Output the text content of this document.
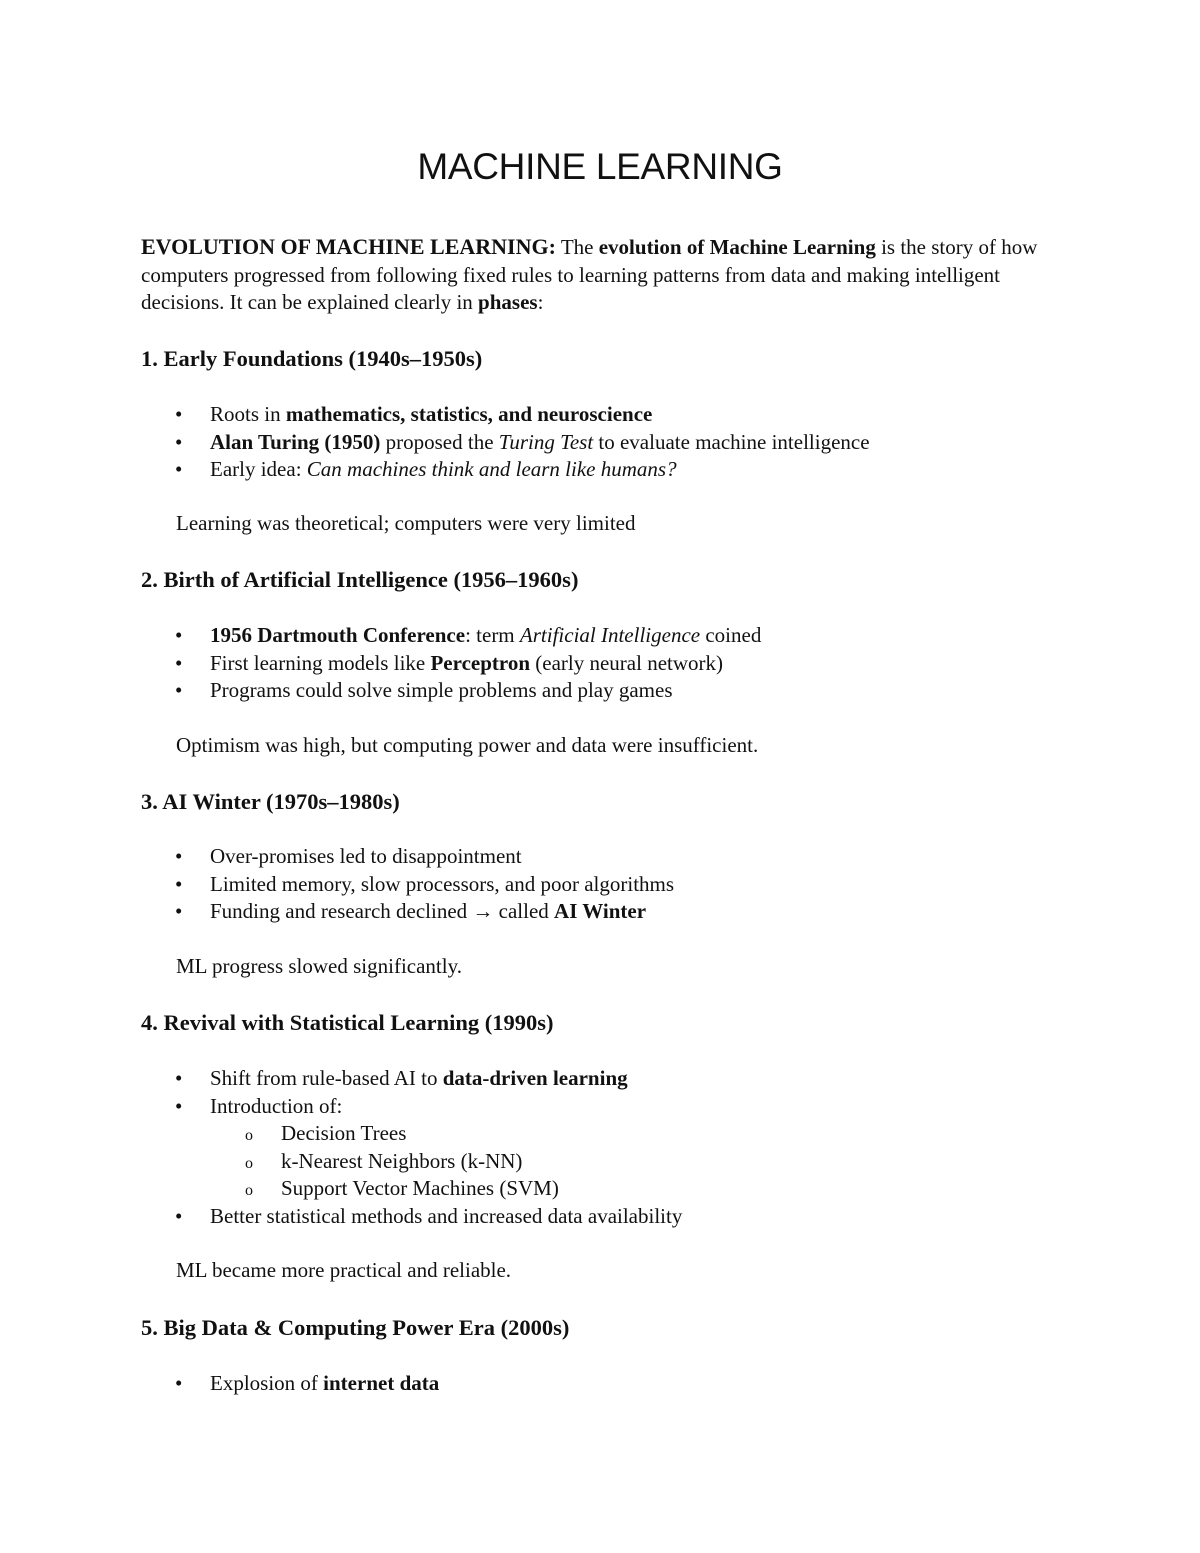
MACHINE LEARNING

EVOLUTION OF MACHINE LEARNING: The evolution of Machine Learning is the story of how computers progressed from following fixed rules to learning patterns from data and making intelligent decisions. It can be explained clearly in phases:

1. Early Foundations (1940s–1950s)
• Roots in mathematics, statistics, and neuroscience
• Alan Turing (1950) proposed the Turing Test to evaluate machine intelligence
• Early idea: Can machines think and learn like humans?

Learning was theoretical; computers were very limited

2. Birth of Artificial Intelligence (1956–1960s)
• 1956 Dartmouth Conference: term Artificial Intelligence coined
• First learning models like Perceptron (early neural network)
• Programs could solve simple problems and play games

Optimism was high, but computing power and data were insufficient.

3. AI Winter (1970s–1980s)
• Over-promises led to disappointment
• Limited memory, slow processors, and poor algorithms
• Funding and research declined → called AI Winter

ML progress slowed significantly.

4. Revival with Statistical Learning (1990s)
• Shift from rule-based AI to data-driven learning
• Introduction of:
o Decision Trees
o k-Nearest Neighbors (k-NN)
o Support Vector Machines (SVM)
• Better statistical methods and increased data availability

ML became more practical and reliable.

5. Big Data & Computing Power Era (2000s)
• Explosion of internet data
